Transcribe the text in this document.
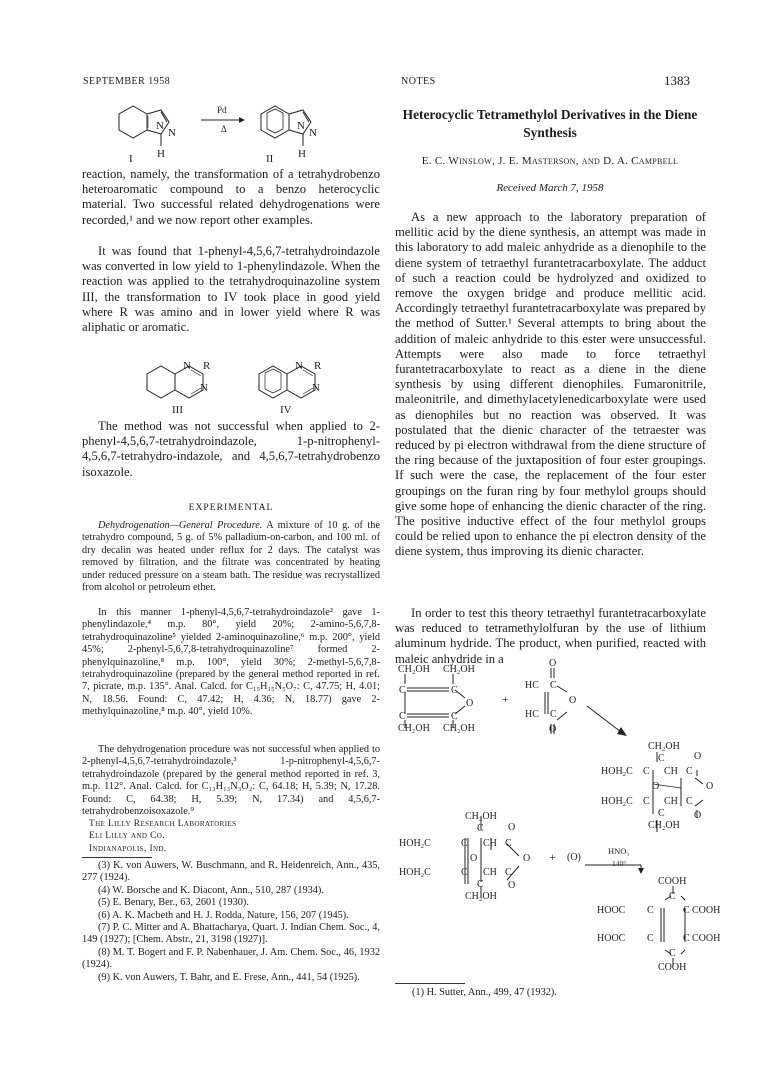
SEPTEMBER 1958	NOTES	1383
Pd
Δ
N
N
N
N
H	H
I	II

reaction, namely, the transformation of a tetrahydrobenzo heteroaromatic compound to a benzo heterocyclic material. Two successful related dehydrogenations were recorded,¹ and we now report other examples.

It was found that 1-phenyl-4,5,6,7-tetrahydroindazole was converted in low yield to 1-phenylindazole. When the reaction was applied to the tetrahydroquinazoline system III, the transformation to IV took place in good yield where R was amino and in lower yield where R was aliphatic or aromatic.

N R
N
N R
N
III	IV

The method was not successful when applied to 2-phenyl-4,5,6,7-tetrahydroindazole, 1-p-nitrophenyl-4,5,6,7-tetrahydro-indazole, and 4,5,6,7-tetrahydrobenzo isoxazole.

EXPERIMENTAL

Dehydrogenation—General Procedure. A mixture of 10 g. of the tetrahydro compound, 5 g. of 5% palladium-on-carbon, and 100 ml. of dry decalin was heated under reflux for 2 days. The catalyst was removed by filtration, and the filtrate was concentrated by heating under reduced pressure on a steam bath. The residue was recrystallized from alcohol or petroleum ether.

In this manner 1-phenyl-4,5,6,7-tetrahydroindazole² gave 1-phenylindazole,⁴ m.p. 80°, yield 20%; 2-amino-5,6,7,8-tetrahydroquinazoline⁵ yielded 2-aminoquinazoline,⁶ m.p. 200°, yield 45%; 2-phenyl-5,6,7,8-tetrahydroquinazoline⁷ formed 2-phenylquinazoline,⁸ m.p. 100°, yield 30%; 2-methyl-5,6,7,8-tetrahydroquinazoline (prepared by the general method reported in ref. 7, picrate, m.p. 135°. Anal. Calcd. for C₁₅H₁₅N₅O₇: C, 47.75; H, 4.01; N, 18.56. Found: C, 47.42; H, 4.36; N, 18.77) gave 2-methylquinazoline,⁸ m.p. 40°, yield 10%.

The dehydrogenation procedure was not successful when applied to 2-phenyl-4,5,6,7-tetrahydroindazole,³ 1-p-nitrophenyl-4,5,6,7-tetrahydroindazole (prepared by the general method reported in ref. 3, m.p. 112°. Anal. Calcd. for C₁₃H₁₃N₃O₂: C, 64.18; H, 5.39; N, 17.28. Found: C, 64.38; H, 5.39; N, 17.34) and 4,5,6,7-tetrahydrobenzoisoxazole.⁹

The Lilly Research Laboratories
Eli Lilly and Co.
Indianapolis, Ind.
(3) K. von Auwers, W. Buschmann, and R. Heidenreich, Ann., 435, 277 (1924).
(4) W. Borsche and K. Diacont, Ann., 510, 287 (1934).
(5) E. Benary, Ber., 63, 2601 (1930).
(6) A. K. Macbeth and H. J. Rodda, Nature, 156, 207 (1945).
(7) P. C. Mitter and A. Bhattacharya, Quart. J. Indian Chem. Soc., 4, 149 (1927); [Chem. Abstr., 21, 3198 (1927)].
(8) M. T. Bogert and F. P. Nabenhauer, J. Am. Chem. Soc., 46, 1932 (1924).
(9) K. von Auwers, T. Bahr, and E. Frese, Ann., 441, 54 (1925).
Heterocyclic Tetramethylol Derivatives in the Diene Synthesis
E. C. Winslow, J. E. Masterson, and D. A. Campbell
Received March 7, 1958

As a new approach to the laboratory preparation of mellitic acid by the diene synthesis, an attempt was made in this laboratory to add maleic anhydride as a dienophile to the diene system of tetraethyl furantetracarboxylate. The adduct of such a reaction could be hydrolyzed and oxidized to remove the oxygen bridge and produce mellitic acid. Accordingly tetraethyl furantetracarboxylate was prepared by the method of Sutter.¹ Several attempts to bring about the addition of maleic anhydride to this ester were unsuccessful. Attempts were also made to force tetraethyl furantetracarboxylate to react as a diene in the diene synthesis by using different dienophiles. Fumaronitrile, maleonitrile, and dimethylacetylenedicarboxylate were used as dienophiles but no reaction was observed. It was postulated that the dienic character of the tetraester was reduced by pi electron withdrawal from the diene structure of the ring because of the juxtaposition of four ester groupings. If such were the case, the replacement of the four ester groupings on the furan ring by four methylol groups should give some hope of enhancing the dienic character of the ring. The positive inductive effect of the four methylol groups could be relied upon to enhance the pi electron density of the diene system, thus improving its dienic character.

In order to test this theory tetraethyl furantetracarboxylate was reduced to tetramethylolfuran by the use of lithium aluminum hydride. The product, when purified, reacted with maleic anhydride in a

CH₂OH CH₂OH
C	C
O
C	C
CH₂OH CH₂OH
+
O
HC C
O
HC C
O
CH₂OH
C	O
HOH₂C C CH C
O	O
HOH₂C C CH C
C	O
CH₂OH
CH₂OH
C O
HOH₂C	C CH C
O	O + (O)
HNO₃
140°
HOH₂C	C CH C
C O
CH₂OH
COOH
C
HOOC C	C COOH
HOOC C	C COOH
C
COOH
(1) H. Sutter, Ann., 499, 47 (1932).
